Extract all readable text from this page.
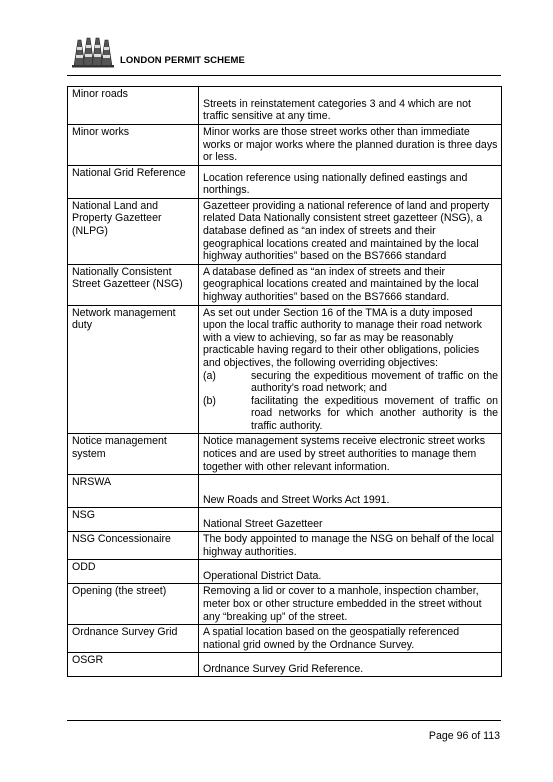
LONDON PERMIT SCHEME
Minor roads	Streets in reinstatement categories 3 and 4 which are not traffic sensitive at any time.
Minor works	Minor works are those street works other than immediate works or major works where the planned duration is three days or less.
National Grid Reference	Location reference using nationally defined eastings and northings.
National Land and Property Gazetteer (NLPG)	Gazetteer providing a national reference of land and property related Data Nationally consistent street gazetteer (NSG), a database defined as “an index of streets and their geographical locations created and maintained by the local highway authorities” based on the BS7666 standard
Nationally Consistent Street Gazetteer (NSG)	A database defined as “an index of streets and their geographical locations created and maintained by the local highway authorities” based on the BS7666 standard.
Network management duty	As set out under Section 16 of the TMA is a duty imposed upon the local traffic authority to manage their road network with a view to achieving, so far as may be reasonably practicable having regard to their other obligations, policies and objectives, the following overriding objectives:

(a) securing the expeditious movement of traffic on the authority’s road network; and
(b) facilitating the expeditious movement of traffic on road networks for which another authority is the traffic authority.

Notice management system	Notice management systems receive electronic street works notices and are used by street authorities to manage them together with other relevant information.
NRSWA	New Roads and Street Works Act 1991.
NSG	National Street Gazetteer
NSG Concessionaire	The body appointed to manage the NSG on behalf of the local highway authorities.
ODD	Operational District Data.
Opening (the street)	Removing a lid or cover to a manhole, inspection chamber, meter box or other structure embedded in the street without any “breaking up” of the street.
Ordnance Survey Grid	A spatial location based on the geospatially referenced national grid owned by the Ordnance Survey.
OSGR	Ordnance Survey Grid Reference.
Page 96 of 113
